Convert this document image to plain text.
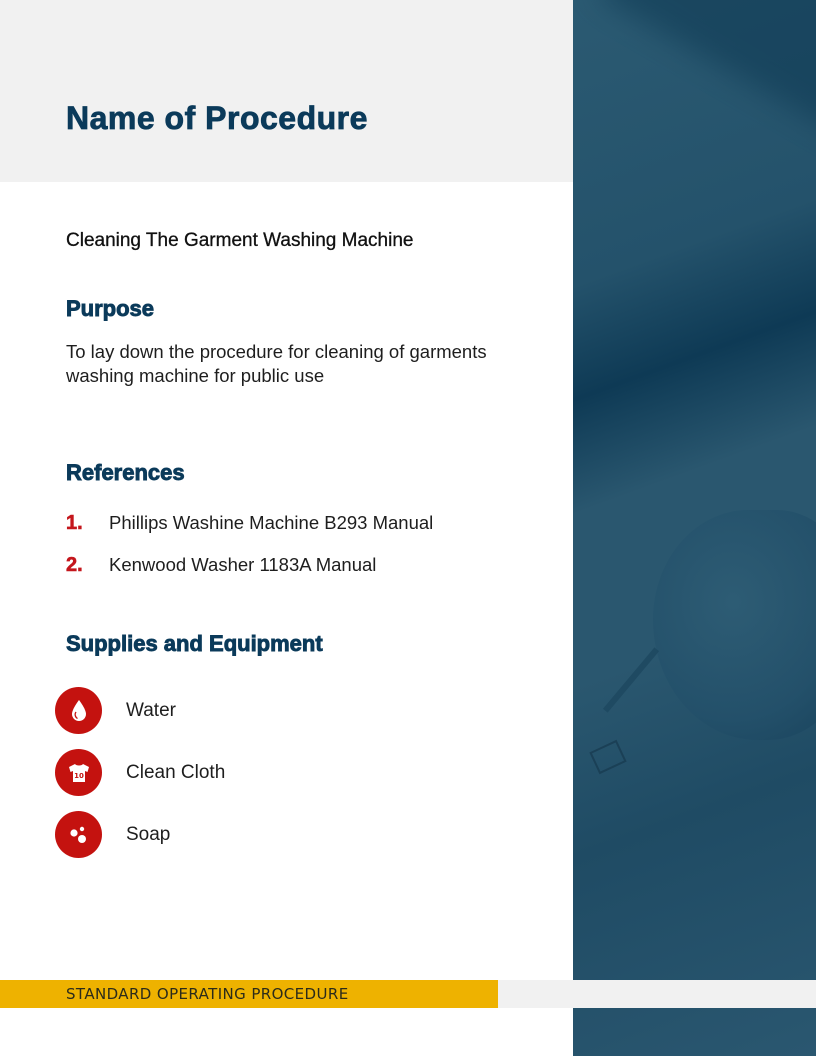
Name of Procedure
Cleaning The Garment Washing Machine
Purpose

To lay down the procedure for cleaning of garments washing machine for public use

References
1.	Phillips Washine Machine B293 Manual
2.	Kenwood Washer 1183A Manual
Supplies and Equipment
Water
10 Clean Cloth
Soap
STANDARD OPERATING PROCEDURE
